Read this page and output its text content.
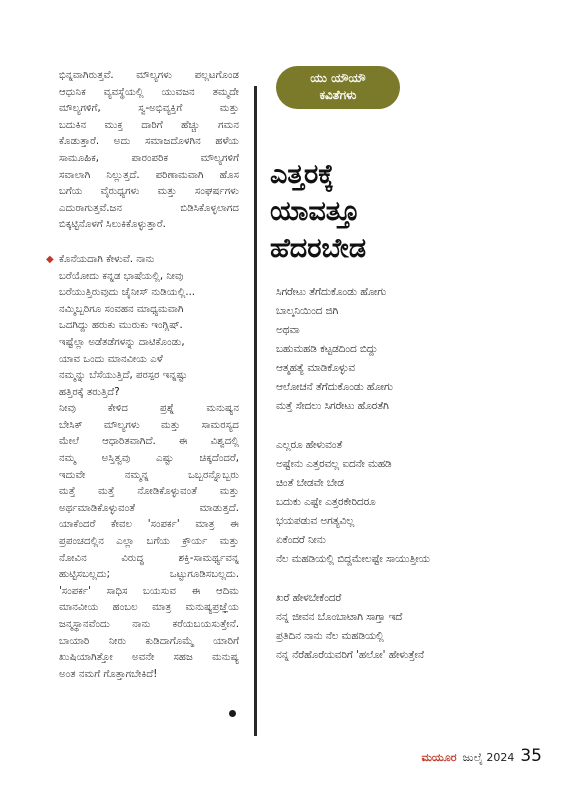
ಭಿನ್ನವಾಗಿರುತ್ತವೆ. ಮೌಲ್ಯಗಳು ಪಲ್ಲಟಗೊಂಡ
ಆಧುನಿಕ ವ್ಯವಸ್ಥೆಯಲ್ಲಿ ಯುವಜನ ತಮ್ಮದೇ
ಮೌಲ್ಯಗಳಿಗೆ, ಸ್ವ-ಅಭಿವ್ಯಕ್ತಿಗೆ ಮತ್ತು
ಬದುಕಿನ ಮುಕ್ತ ದಾರಿಗೆ ಹೆಚ್ಚು ಗಮನ
ಕೊಡುತ್ತಾರೆ. ಅದು ಸಮಾಜದೊಳಗಿನ ಹಳೆಯ
ಸಾಮೂಹಿಕ, ಪಾರಂಪರಿಕ ಮೌಲ್ಯಗಳಿಗೆ
ಸವಾಲಾಗಿ ನಿಲ್ಲುತ್ತದೆ. ಪರಿಣಾಮವಾಗಿ ಹೊಸ
ಬಗೆಯ ವೈರುಧ್ಯಗಳು ಮತ್ತು ಸಂಘರ್ಷಗಳು
ಎದುರಾಗುತ್ತವೆ.ಜನ ಬಿಡಿಸಿಕೊಳ್ಳಲಾಗದ
ಬಿಕ್ಕಟ್ಟಿನೊಳಗೆ ಸಿಲುಕಿಕೊಳ್ಳುತ್ತಾರೆ.
◆ ಕೊನೆಯದಾಗಿ ಕೇಳುವೆ. ನಾನು
ಬರೆಯೋದು ಕನ್ನಡ ಭಾಷೆಯಲ್ಲಿ, ನೀವು
ಬರೆಯುತ್ತಿರುವುದು ಚೈನೀಸ್ ನುಡಿಯಲ್ಲಿ...
ನಮ್ಮಿಬ್ಬರಿಗೂ ಸಂವಹನ ಮಾಧ್ಯಮವಾಗಿ
ಒದಗಿದ್ದು ಹರುಕು ಮುರುಕು ಇಂಗ್ಲಿಷ್.
ಇಷ್ಟೆಲ್ಲಾ ಅಡೆತಡೆಗಳನ್ನು ದಾಟಿಕೊಂಡು,
ಯಾವ ಒಂದು ಮಾನವೀಯ ಎಳೆ
ನಮ್ಮನ್ನು ಬೆಸೆಯುತ್ತಿದೆ, ಪರಸ್ಪರ ಇನ್ನಷ್ಟು
ಹತ್ತಿರಕ್ಕೆ ತರುತ್ತಿದೆ?
ನೀವು ಕೇಳಿದ ಪ್ರಶ್ನೆ ಮನುಷ್ಯನ
ಬೇಸಿಕ್ ಮೌಲ್ಯಗಳು ಮತ್ತು ಸಾಮರಸ್ಯದ
ಮೇಲೆ ಆಧಾರಿತವಾಗಿದೆ. ಈ ವಿಶ್ವದಲ್ಲಿ
ನಮ್ಮ ಅಸ್ತಿತ್ವವು ಎಷ್ಟು ಚಿಕ್ಕದೆಂದರೆ,
ಇದುವೇ ನಮ್ಮನ್ನ ಒಬ್ಬರನ್ನೊಬ್ಬರು
ಮತ್ತೆ ಮತ್ತೆ ನೋಡಿಕೊಳ್ಳುವಂತೆ ಮತ್ತು
ಅರ್ಥಮಾಡಿಕೊಳ್ಳುವಂತೆ ಮಾಡುತ್ತದೆ.
ಯಾಕೆಂದರೆ ಕೇವಲ 'ಸಂಪರ್ಕ' ಮಾತ್ರ ಈ
ಪ್ರಪಂಚದಲ್ಲಿನ ಎಲ್ಲಾ ಬಗೆಯ ಕ್ರೌರ್ಯ ಮತ್ತು
ನೋವಿನ ವಿರುದ್ಧ ಶಕ್ತಿ-ಸಾಮರ್ಥ್ಯವನ್ನ
ಹುಟ್ಟಿಸಬಲ್ಲದು; ಒಟ್ಟುಗೂಡಿಸಬಲ್ಲದು.
'ಸಂಪರ್ಕ' ಸಾಧಿಸ ಬಯಸುವ ಈ ಆದಿಮ
ಮಾನವೀಯ ಹಂಬಲ ಮಾತ್ರ ಮನುಷ್ಯಪ್ರಜ್ಞೆಯ
ಜನ್ಮಸ್ಥಾನವೆಂದು ನಾನು ಕರೆಯಬಯಸುತ್ತೇನೆ.
ಬಾಯಾರಿ ನೀರು ಕುಡಿದಾಗೊಮ್ಮೆ ಯಾರಿಗೆ
ಖುಷಿಯಾಗಿತ್ತೋ ಅವನೇ ಸಹಜ ಮನುಷ್ಯ
ಅಂತ ನಮಗೆ ಗೊತ್ತಾಗಬೇಕಿದೆ!
ಯು ಯೌಯೌ
ಕವಿತೆಗಳು
ಎತ್ತರಕ್ಕೆ
ಯಾವತ್ತೂ
ಹೆದರಬೇಡ
ಸಿಗರೇಟು ತೆಗೆದುಕೊಂಡು ಹೋಗು
ಬಾಲ್ಕನಿಯಿಂದ ಜಿಗಿ
ಅಥವಾ
ಬಹುಮಹಡಿ ಕಟ್ಟಡದಿಂದ ಬಿದ್ದು
ಆತ್ಮಹತ್ಯೆ ಮಾಡಿಕೊಳ್ಳುವ
ಆಲೋಚನೆ ತೆಗೆದುಕೊಂಡು ಹೋಗು
ಮತ್ತೆ ಸೇದಲು ಸಿಗರೇಟು ಹೊರತೆಗಿ
ಎಲ್ಲರೂ ಹೇಳುವಂತೆ
ಅಷ್ಟೇನು ಎತ್ತರವಲ್ಲ ಐದನೇ ಮಹಡಿ
ಚಿಂತೆ ಬೇಡವೇ ಬೇಡ
ಬದುಕು ಎಷ್ಟೇ ಎತ್ತರಕೇರಿದರೂ
ಭಯಪಡುವ ಅಗತ್ಯವಿಲ್ಲ
ಏಕೆಂದರೆ ನೀನು
ನೆಲ ಮಹಡಿಯಲ್ಲಿ ಬಿದ್ದಮೇಲಷ್ಟೇ ಸಾಯುತ್ತೀಯ
ಖರೆ ಹೇಳಬೇಕೆಂದರೆ
ನನ್ನ ಜೀವನ ಬೊಂಬಾಟಾಗಿ ಸಾಗ್ತಾ ಇದೆ
ಪ್ರತಿದಿನ ನಾನು ನೆಲ ಮಹಡಿಯಲ್ಲಿ
ನನ್ನ ನೆರೆಹೊರೆಯವರಿಗೆ 'ಹಲೋ' ಹೇಳುತ್ತೇನೆ
ಮಯೂರ ಜುಲೈ 2024 35
